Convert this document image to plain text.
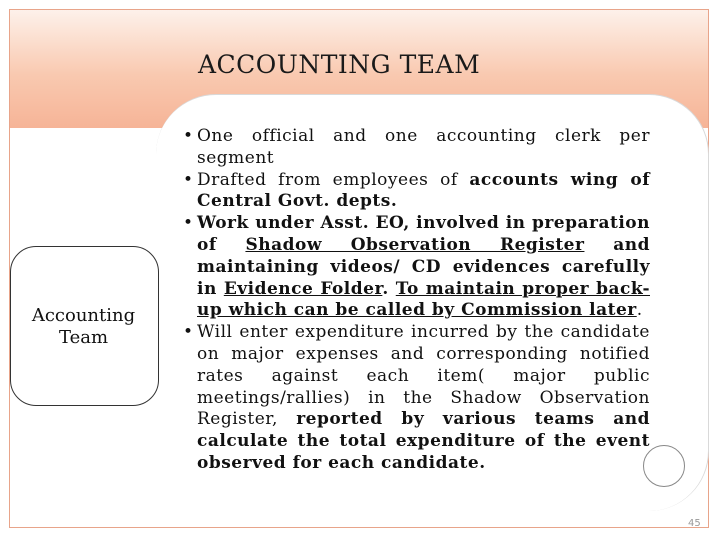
ACCOUNTING TEAM
Accounting Team
• One official and one accounting clerk per segment
• Drafted from employees of accounts wing of Central Govt. depts.
• Work under Asst. EO, involved in preparation of Shadow Observation Register and maintaining videos/ CD evidences carefully in Evidence Folder. To maintain proper back-up which can be called by Commission later.
• Will enter expenditure incurred by the candidate on major expenses and corresponding notified rates against each item( major public meetings/rallies) in the Shadow Observation Register, reported by various teams and calculate the total expenditure of the event observed for each candidate.
45
